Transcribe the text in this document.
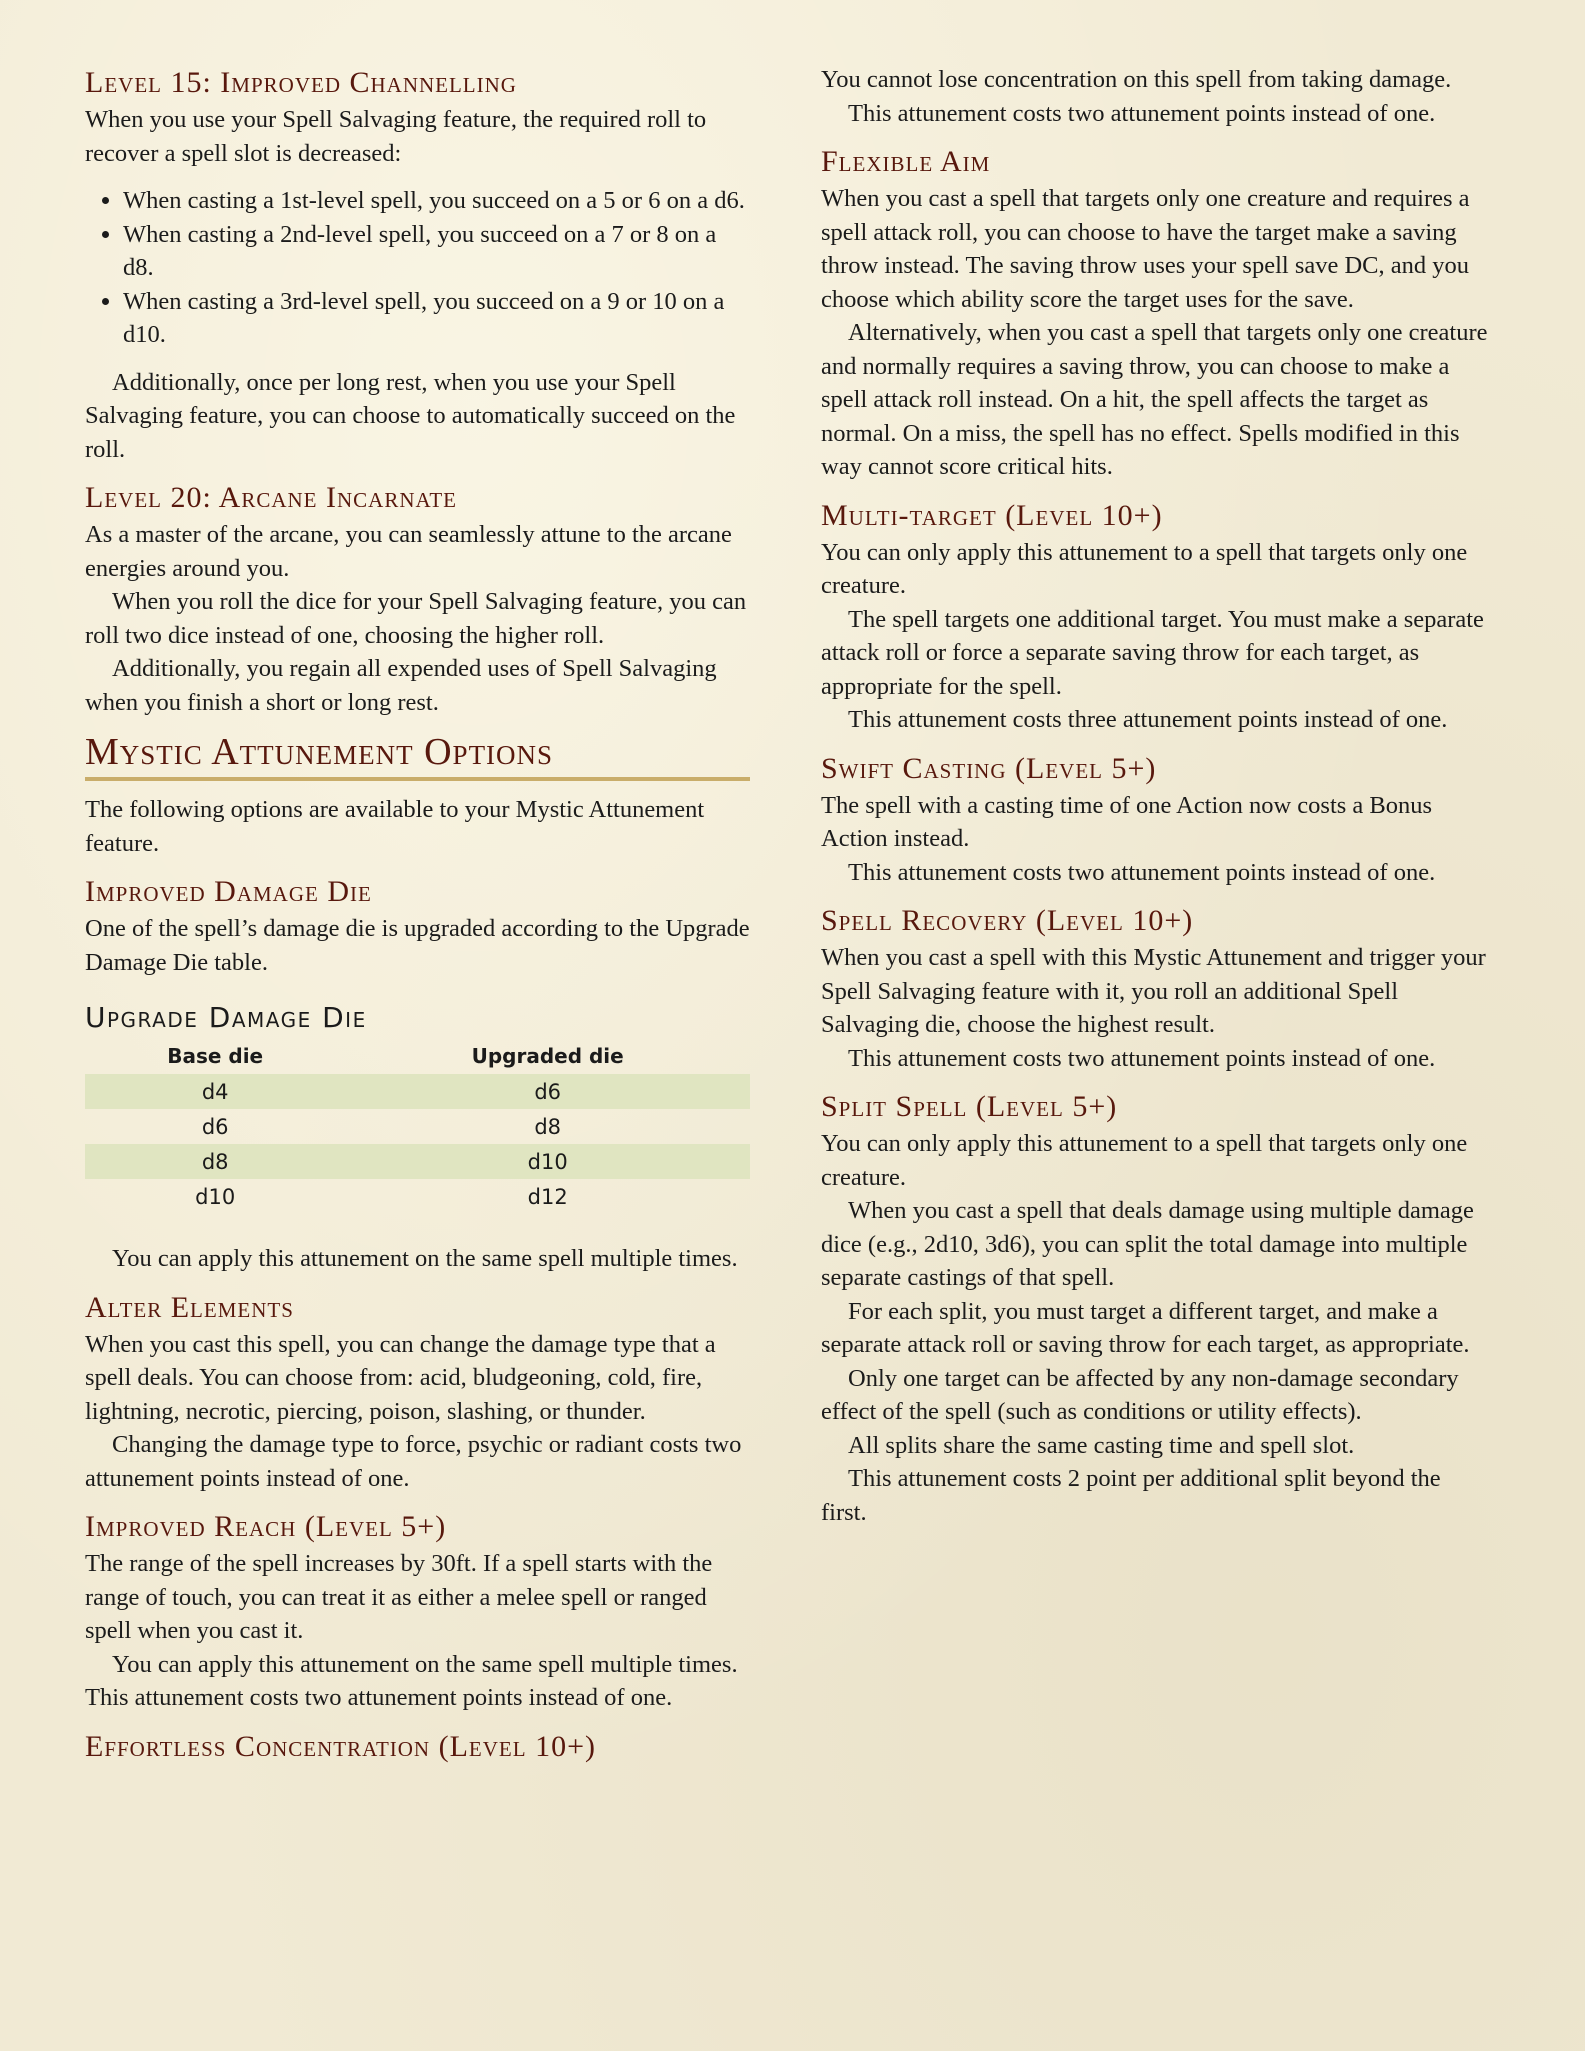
Level 15: Improved Channelling

When you use your Spell Salvaging feature, the required roll to recover a spell slot is decreased:

• When casting a 1st-level spell, you succeed on a 5 or 6 on a d6.
• When casting a 2nd-level spell, you succeed on a 7 or 8 on a d8.
• When casting a 3rd-level spell, you succeed on a 9 or 10 on a d10.

Additionally, once per long rest, when you use your Spell Salvaging feature, you can choose to automatically succeed on the roll.

Level 20: Arcane Incarnate

As a master of the arcane, you can seamlessly attune to the arcane energies around you.

When you roll the dice for your Spell Salvaging feature, you can roll two dice instead of one, choosing the higher roll.

Additionally, you regain all expended uses of Spell Salvaging when you finish a short or long rest.

Mystic Attunement Options

The following options are available to your Mystic Attunement feature.

Improved Damage Die

One of the spell’s damage die is upgraded according to the Upgrade Damage Die table.

Upgrade Damage Die
Base die	Upgraded die
d4	d6
d6	d8
d8	d10
d10	d12

You can apply this attunement on the same spell multiple times.

Alter Elements

When you cast this spell, you can change the damage type that a spell deals. You can choose from: acid, bludgeoning, cold, fire, lightning, necrotic, piercing, poison, slashing, or thunder.

Changing the damage type to force, psychic or radiant costs two attunement points instead of one.

Improved Reach (Level 5+)

The range of the spell increases by 30ft. If a spell starts with the range of touch, you can treat it as either a melee spell or ranged spell when you cast it.

You can apply this attunement on the same spell multiple times. This attunement costs two attunement points instead of one.

Effortless Concentration (Level 10+)

You cannot lose concentration on this spell from taking damage.

This attunement costs two attunement points instead of one.

Flexible Aim

When you cast a spell that targets only one creature and requires a spell attack roll, you can choose to have the target make a saving throw instead. The saving throw uses your spell save DC, and you choose which ability score the target uses for the save.

Alternatively, when you cast a spell that targets only one creature and normally requires a saving throw, you can choose to make a spell attack roll instead. On a hit, the spell affects the target as normal. On a miss, the spell has no effect. Spells modified in this way cannot score critical hits.

Multi-target (Level 10+)

You can only apply this attunement to a spell that targets only one creature.

The spell targets one additional target. You must make a separate attack roll or force a separate saving throw for each target, as appropriate for the spell.

This attunement costs three attunement points instead of one.

Swift Casting (Level 5+)

The spell with a casting time of one Action now costs a Bonus Action instead.

This attunement costs two attunement points instead of one.

Spell Recovery (Level 10+)

When you cast a spell with this Mystic Attunement and trigger your Spell Salvaging feature with it, you roll an additional Spell Salvaging die, choose the highest result.

This attunement costs two attunement points instead of one.

Split Spell (Level 5+)

You can only apply this attunement to a spell that targets only one creature.

When you cast a spell that deals damage using multiple damage dice (e.g., 2d10, 3d6), you can split the total damage into multiple separate castings of that spell.

For each split, you must target a different target, and make a separate attack roll or saving throw for each target, as appropriate.

Only one target can be affected by any non-damage secondary effect of the spell (such as conditions or utility effects).

All splits share the same casting time and spell slot.

This attunement costs 2 point per additional split beyond the first.
